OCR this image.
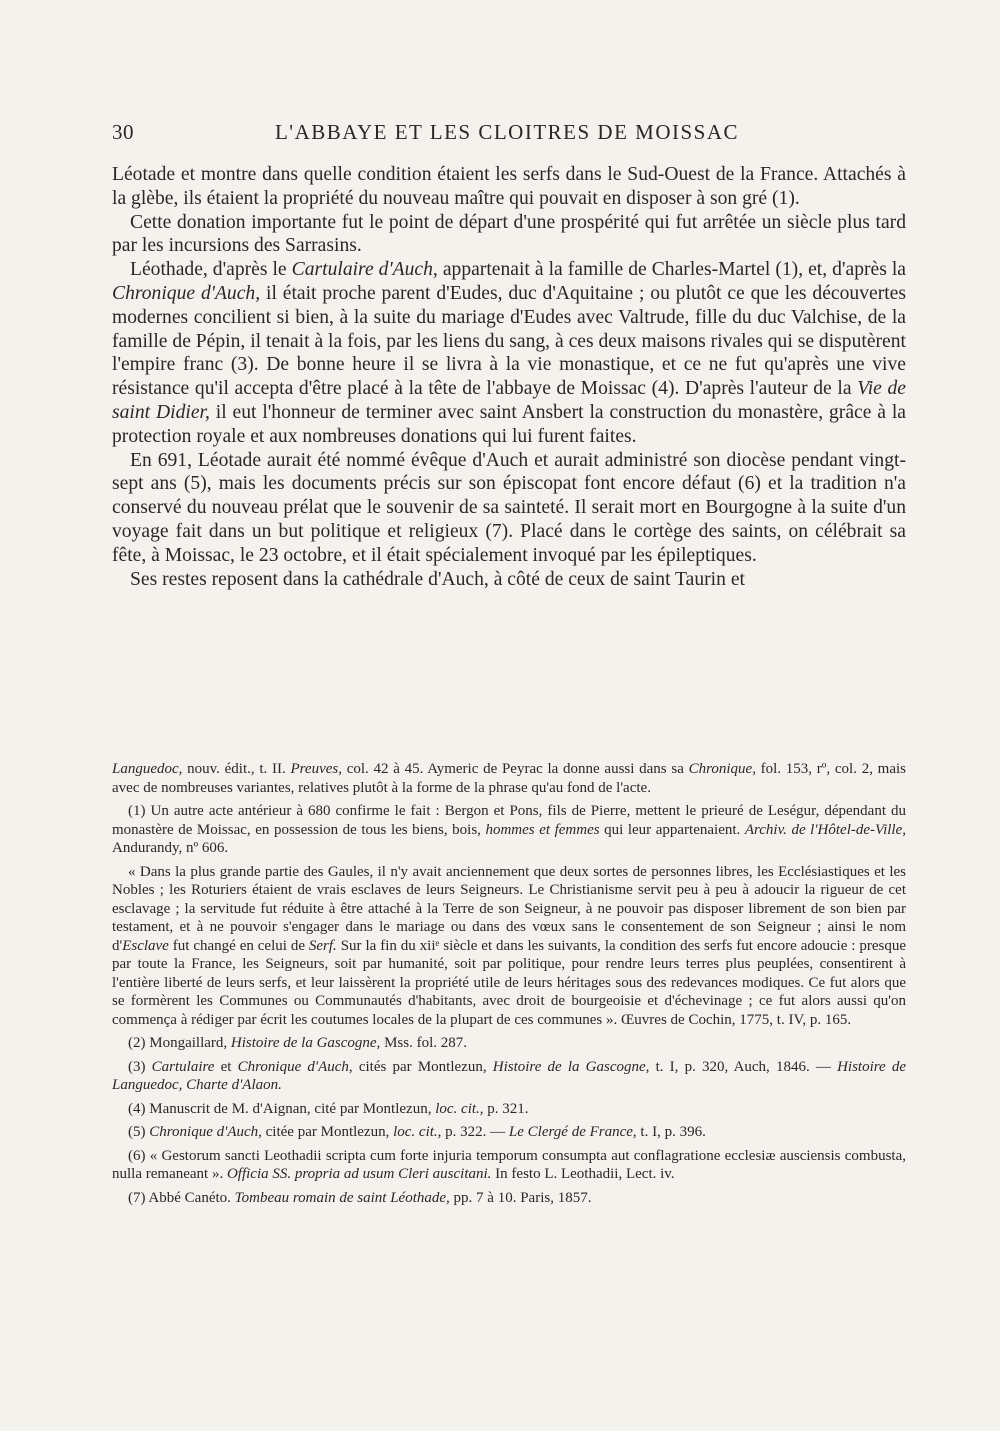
30	L'ABBAYE ET LES CLOITRES DE MOISSAC

Léotade et montre dans quelle condition étaient les serfs dans le Sud-Ouest de la France. Attachés à la glèbe, ils étaient la propriété du nouveau maître qui pouvait en disposer à son gré (1).

Cette donation importante fut le point de départ d'une prospérité qui fut arrêtée un siècle plus tard par les incursions des Sarrasins.

Léothade, d'après le Cartulaire d'Auch, appartenait à la famille de Charles-Martel (1), et, d'après la Chronique d'Auch, il était proche parent d'Eudes, duc d'Aquitaine ; ou plutôt ce que les découvertes modernes concilient si bien, à la suite du mariage d'Eudes avec Valtrude, fille du duc Valchise, de la famille de Pépin, il tenait à la fois, par les liens du sang, à ces deux maisons rivales qui se disputèrent l'empire franc (3). De bonne heure il se livra à la vie monastique, et ce ne fut qu'après une vive résistance qu'il accepta d'être placé à la tête de l'abbaye de Moissac (4). D'après l'auteur de la Vie de saint Didier, il eut l'honneur de terminer avec saint Ansbert la construction du monastère, grâce à la protection royale et aux nombreuses donations qui lui furent faites.

En 691, Léotade aurait été nommé évêque d'Auch et aurait administré son diocèse pendant vingt-sept ans (5), mais les documents précis sur son épiscopat font encore défaut (6) et la tradition n'a conservé du nouveau prélat que le souvenir de sa sainteté. Il serait mort en Bourgogne à la suite d'un voyage fait dans un but politique et religieux (7). Placé dans le cortège des saints, on célébrait sa fête, à Moissac, le 23 octobre, et il était spécialement invoqué par les épileptiques.

Ses restes reposent dans la cathédrale d'Auch, à côté de ceux de saint Taurin et

Languedoc, nouv. édit., t. II. Preuves, col. 42 à 45. Aymeric de Peyrac la donne aussi dans sa Chronique, fol. 153, rº, col. 2, mais avec de nombreuses variantes, relatives plutôt à la forme de la phrase qu'au fond de l'acte.

(1) Un autre acte antérieur à 680 confirme le fait : Bergon et Pons, fils de Pierre, mettent le prieuré de Leségur, dépendant du monastère de Moissac, en possession de tous les biens, bois, hommes et femmes qui leur appartenaient. Archiv. de l'Hôtel-de-Ville, Andurandy, nº 606.

« Dans la plus grande partie des Gaules, il n'y avait anciennement que deux sortes de personnes libres, les Ecclésiastiques et les Nobles ; les Roturiers étaient de vrais esclaves de leurs Seigneurs. Le Christianisme servit peu à peu à adoucir la rigueur de cet esclavage ; la servitude fut réduite à être attaché à la Terre de son Seigneur, à ne pouvoir pas disposer librement de son bien par testament, et à ne pouvoir s'engager dans le mariage ou dans des vœux sans le consentement de son Seigneur ; ainsi le nom d'Esclave fut changé en celui de Serf. Sur la fin du xiiᵉ siècle et dans les suivants, la condition des serfs fut encore adoucie : presque par toute la France, les Seigneurs, soit par humanité, soit par politique, pour rendre leurs terres plus peuplées, consentirent à l'entière liberté de leurs serfs, et leur laissèrent la propriété utile de leurs héritages sous des redevances modiques. Ce fut alors que se formèrent les Communes ou Communautés d'habitants, avec droit de bourgeoisie et d'échevinage ; ce fut alors aussi qu'on commença à rédiger par écrit les coutumes locales de la plupart de ces communes ». Œuvres de Cochin, 1775, t. IV, p. 165.

(2) Mongaillard, Histoire de la Gascogne, Mss. fol. 287.

(3) Cartulaire et Chronique d'Auch, cités par Montlezun, Histoire de la Gascogne, t. I, p. 320, Auch, 1846. — Histoire de Languedoc, Charte d'Alaon.

(4) Manuscrit de M. d'Aignan, cité par Montlezun, loc. cit., p. 321.

(5) Chronique d'Auch, citée par Montlezun, loc. cit., p. 322. — Le Clergé de France, t. I, p. 396.

(6) « Gestorum sancti Leothadii scripta cum forte injuria temporum consumpta aut conflagratione ecclesiæ ausciensis combusta, nulla remaneant ». Officia SS. propria ad usum Cleri auscitani. In festo L. Leothadii, Lect. iv.

(7) Abbé Canéto. Tombeau romain de saint Léothade, pp. 7 à 10. Paris, 1857.
